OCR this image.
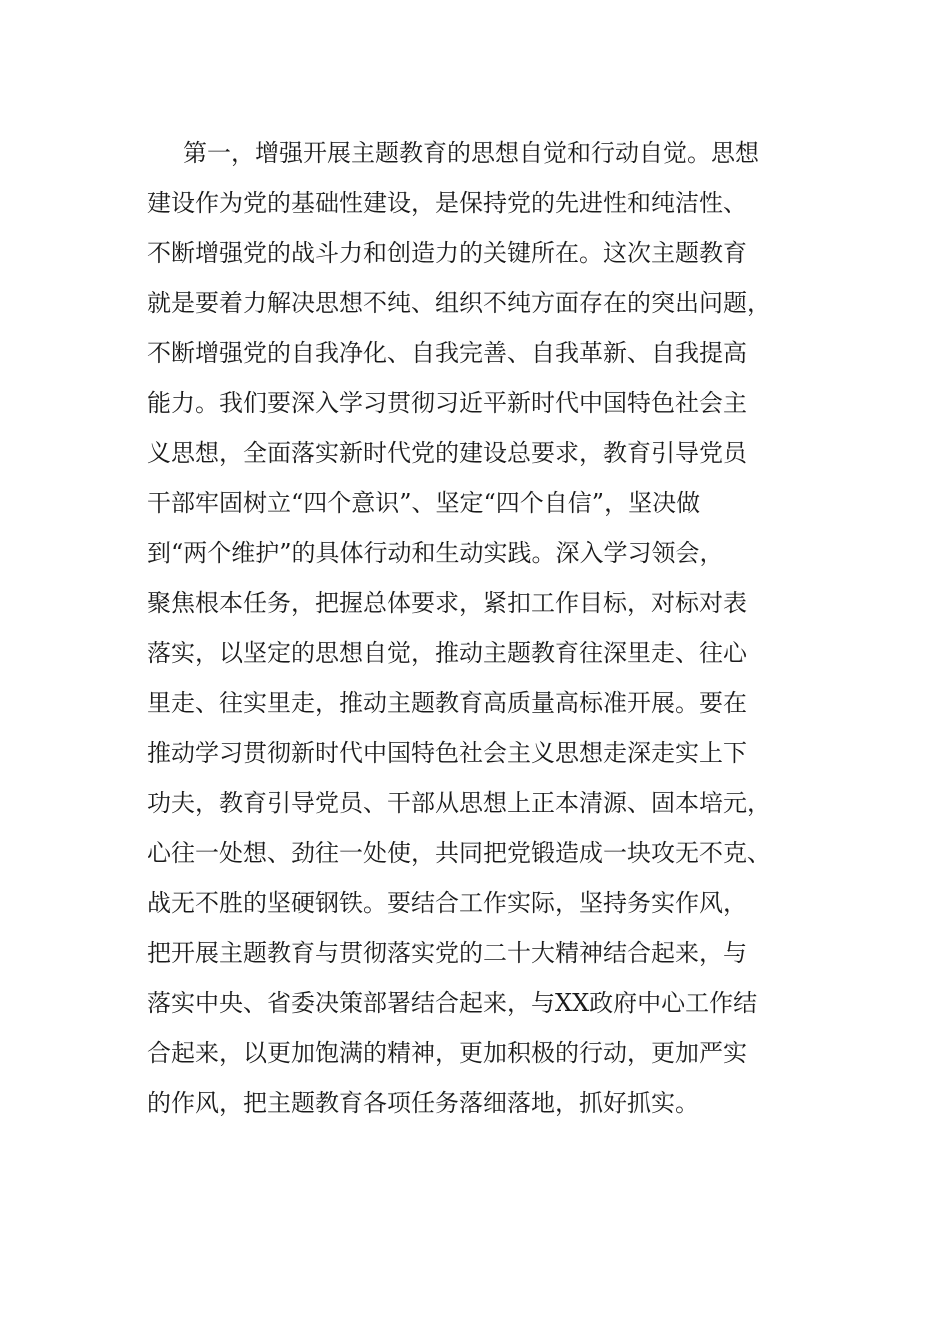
第一，增强开展主题教育的思想自觉和行动自觉。思想
建设作为党的基础性建设，是保持党的先进性和纯洁性、
不断增强党的战斗力和创造力的关键所在。这次主题教育
就是要着力解决思想不纯、组织不纯方面存在的突出问题，
不断增强党的自我净化、自我完善、自我革新、自我提高
能力。我们要深入学习贯彻习近平新时代中国特色社会主
义思想，全面落实新时代党的建设总要求，教育引导党员
干部牢固树立“四个意识”、坚定“四个自信”，坚决做
到“两个维护”的具体行动和生动实践。深入学习领会，
聚焦根本任务，把握总体要求，紧扣工作目标，对标对表
落实，以坚定的思想自觉，推动主题教育往深里走、往心
里走、往实里走，推动主题教育高质量高标准开展。要在
推动学习贯彻新时代中国特色社会主义思想走深走实上下
功夫，教育引导党员、干部从思想上正本清源、固本培元，
心往一处想、劲往一处使，共同把党锻造成一块攻无不克、
战无不胜的坚硬钢铁。要结合工作实际，坚持务实作风，
把开展主题教育与贯彻落实党的二十大精神结合起来，与
落实中央、省委决策部署结合起来，与XX政府中心工作结
合起来，以更加饱满的精神，更加积极的行动，更加严实
的作风，把主题教育各项任务落细落地，抓好抓实。
